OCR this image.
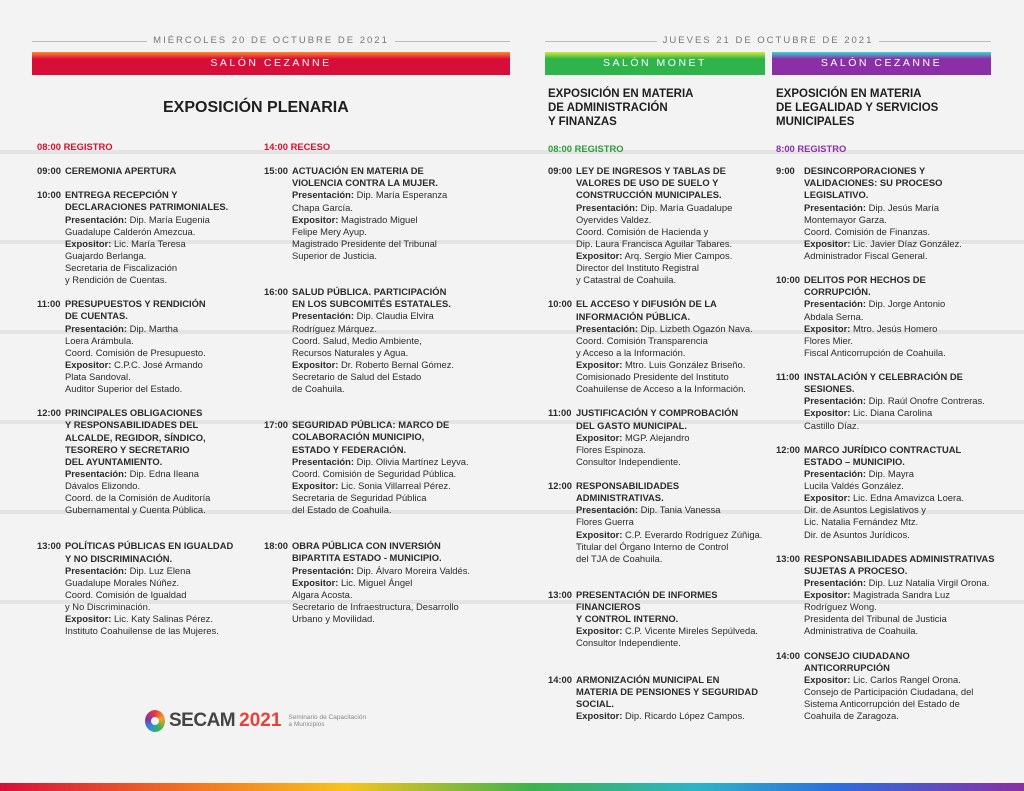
MIÉRCOLES 20 DE OCTUBRE DE 2021	JUEVES 21 DE OCTUBRE DE 2021
SALÓN CEZANNE	SALÓN MONET	SALÓN CEZANNE
EXPOSICIÓN PLENARIA
EXPOSICIÓN EN MATERIA
DE ADMINISTRACIÓN
Y FINANZAS
EXPOSICIÓN EN MATERIA
DE LEGALIDAD Y SERVICIOS
MUNICIPALES
08:00 REGISTRO
09:00 CEREMONIA APERTURA
10:00 ENTREGA RECEPCIÓN Y
DECLARACIONES PATRIMONIALES.
Presentación: Dip. María Eugenia
Guadalupe Calderón Amezcua.
Expositor: Lic. María Teresa
Guajardo Berlanga.
Secretaria de Fiscalización
y Rendición de Cuentas.
11:00 PRESUPUESTOS Y RENDICIÓN
DE CUENTAS.
Presentación: Dip. Martha
Loera Arámbula.
Coord. Comisión de Presupuesto.
Expositor: C.P.C. José Armando
Plata Sandoval.
Auditor Superior del Estado.
12:00 PRINCIPALES OBLIGACIONES
Y RESPONSABILIDADES DEL
ALCALDE, REGIDOR, SÍNDICO,
TESORERO Y SECRETARIO
DEL AYUNTAMIENTO.
Presentación: Dip. Edna Ileana
Dávalos Elizondo.
Coord. de la Comisión de Auditoría
Gubernamental y Cuenta Pública.
13:00 POLÍTICAS PÚBLICAS EN IGUALDAD
Y NO DISCRIMINACIÓN.
Presentación: Dip. Luz Elena
Guadalupe Morales Núñez.
Coord. Comisión de Igualdad
y No Discriminación.
Expositor: Lic. Katy Salinas Pérez.
Instituto Coahuilense de las Mujeres.
14:00 RECESO
15:00 ACTUACIÓN EN MATERIA DE
VIOLENCIA CONTRA LA MUJER.
Presentación: Dip. María Esperanza
Chapa García.
Expositor: Magistrado Miguel
Felipe Mery Ayup.
Magistrado Presidente del Tribunal
Superior de Justicia.
16:00 SALUD PÚBLICA. PARTICIPACIÓN
EN LOS SUBCOMITÉS ESTATALES.
Presentación: Dip. Claudia Elvira
Rodríguez Márquez.
Coord. Salud, Medio Ambiente,
Recursos Naturales y Agua.
Expositor: Dr. Roberto Bernal Gómez.
Secretario de Salud del Estado
de Coahuila.
17:00 SEGURIDAD PÚBLICA: MARCO DE
COLABORACIÓN MUNICIPIO,
ESTADO Y FEDERACIÓN.
Presentación: Dip. Olivia Martínez Leyva.
Coord. Comisión de Seguridad Pública.
Expositor: Lic. Sonia Villarreal Pérez.
Secretaria de Seguridad Pública
del Estado de Coahuila.
18:00 OBRA PÚBLICA CON INVERSIÓN
BIPARTITA ESTADO - MUNICIPIO.
Presentación: Dip. Álvaro Moreira Valdés.
Expositor: Lic. Miguel Ángel
Algara Acosta.
Secretario de Infraestructura, Desarrollo
Urbano y Movilidad.
08:00 REGISTRO
09:00 LEY DE INGRESOS Y TABLAS DE
VALORES DE USO DE SUELO Y
CONSTRUCCIÓN MUNICIPALES.
Presentación: Dip. María Guadalupe
Oyervides Valdez.
Coord. Comisión de Hacienda y
Dip. Laura Francisca Aguilar Tabares.
Expositor: Arq. Sergio Mier Campos.
Director del Instituto Registral
y Catastral de Coahuila.
10:00 EL ACCESO Y DIFUSIÓN DE LA
INFORMACIÓN PÚBLICA.
Presentación: Dip. Lizbeth Ogazón Nava.
Coord. Comisión Transparencia
y Acceso a la Información.
Expositor: Mtro. Luis González Briseño.
Comisionado Presidente del Instituto
Coahuilense de Acceso a la Información.
11:00 JUSTIFICACIÓN Y COMPROBACIÓN
DEL GASTO MUNICIPAL.
Expositor: MGP. Alejandro
Flores Espinoza.
Consultor Independiente.
12:00 RESPONSABILIDADES
ADMINISTRATIVAS.
Presentación: Dip. Tania Vanessa
Flores Guerra
Expositor: C.P. Everardo Rodríguez Zúñiga.
Titular del Órgano Interno de Control
del TJA de Coahuila.
13:00 PRESENTACIÓN DE INFORMES FINANCIEROS
Y CONTROL INTERNO.
Expositor: C.P. Vicente Mireles Sepúlveda.
Consultor Independiente.
14:00 ARMONIZACIÓN MUNICIPAL EN
MATERIA DE PENSIONES Y SEGURIDAD
SOCIAL.
Expositor: Dip. Ricardo López Campos.
8:00 REGISTRO
9:00 DESINCORPORACIONES Y
VALIDACIONES: SU PROCESO
LEGISLATIVO.
Presentación: Dip. Jesús María
Montemayor Garza.
Coord. Comisión de Finanzas.
Expositor: Lic. Javier Díaz González.
Administrador Fiscal General.
10:00 DELITOS POR HECHOS DE
CORRUPCIÓN.
Presentación: Dip. Jorge Antonio
Abdala Serna.
Expositor: Mtro. Jesús Homero
Flores Mier.
Fiscal Anticorrupción de Coahuila.
11:00 INSTALACIÓN Y CELEBRACIÓN DE
SESIONES.
Presentación: Dip. Raúl Onofre Contreras.
Expositor: Lic. Diana Carolina
Castillo Díaz.
12:00 MARCO JURÍDICO CONTRACTUAL
ESTADO – MUNICIPIO.
Presentación: Dip. Mayra
Lucila Valdés González.
Expositor: Lic. Edna Amavizca Loera.
Dir. de Asuntos Legislativos y
Lic. Natalia Fernández Mtz.
Dir. de Asuntos Jurídicos.
13:00 RESPONSABILIDADES ADMINISTRATIVAS
SUJETAS A PROCESO.
Presentación: Dip. Luz Natalia Virgil Orona.
Expositor: Magistrada Sandra Luz
Rodríguez Wong.
Presidenta del Tribunal de Justicia
Administrativa de Coahuila.
14:00 CONSEJO CIUDADANO ANTICORRUPCIÓN
Expositor: Lic. Carlos Rangel Orona.
Consejo de Participación Ciudadana, del
Sistema Anticorrupción del Estado de
Coahuila de Zaragoza.
SECAM 2021 Seminario de Capacitación
a Municipios
